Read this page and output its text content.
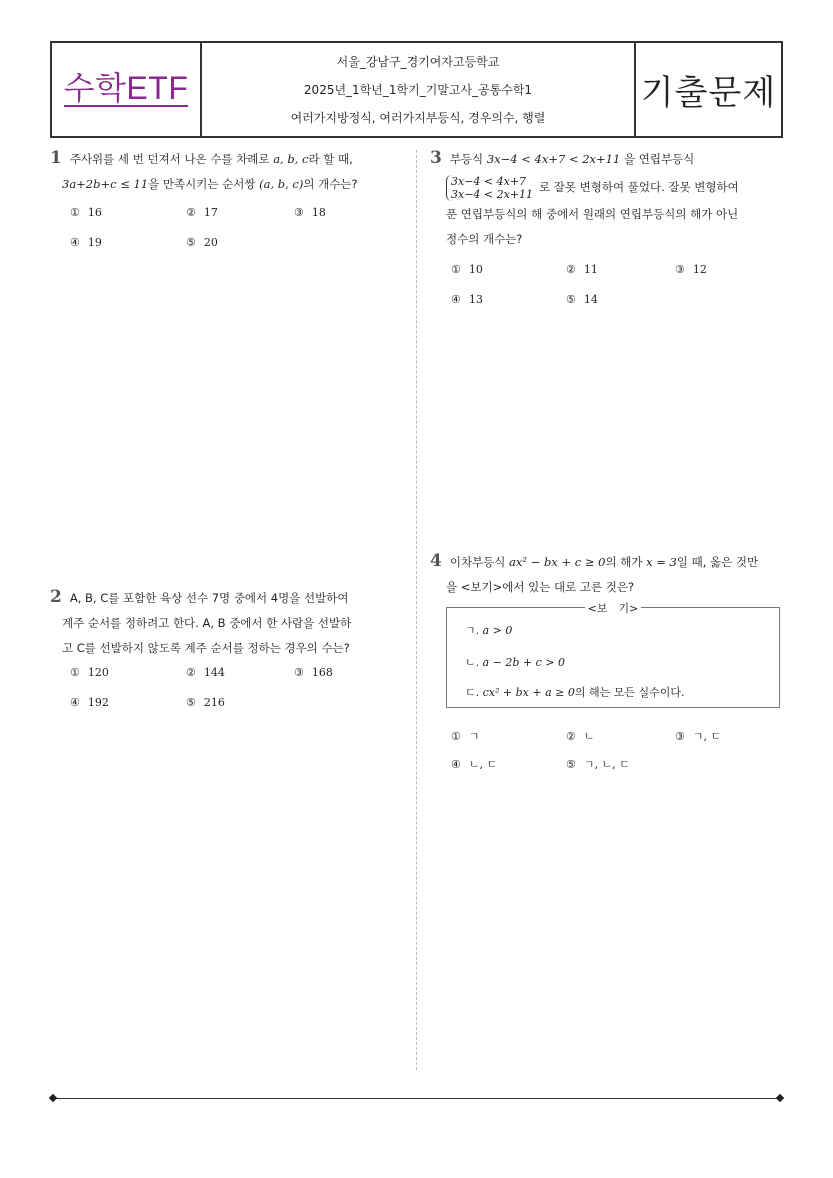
수학ETF
서울_강남구_경기여자고등학교
2025년_1학년_1학기_기말고사_공통수학1
여러가지방정식, 여러가지부등식, 경우의수, 행렬
기출문제
1 주사위를 세 번 던져서 나온 수를 차례로 a, b, c라 할 때,
3a+2b+c ≤ 11을 만족시키는 순서쌍 (a, b, c)의 개수는?
① 16	② 17	③ 18
④ 19	⑤ 20
2 A, B, C를 포함한 육상 선수 7명 중에서 4명을 선발하여
계주 순서를 정하려고 한다. A, B 중에서 한 사람을 선발하
고 C를 선발하지 않도록 계주 순서를 정하는 경우의 수는?
① 120	② 144	③ 168
④ 192	⑤ 216
3 부등식 3x−4 < 4x+7 < 2x+11 을 연립부등식
3x−4 < 4x+7
3x−4 < 2x+11 로 잘못 변형하여 풀었다. 잘못 변형하여
푼 연립부등식의 해 중에서 원래의 연립부등식의 해가 아닌
정수의 개수는?
① 10	② 11	③ 12
④ 13	⑤ 14
4 이차부등식 ax² − bx + c ≥ 0의 해가 x = 3일 때, 옳은 것만
을 <보기>에서 있는 대로 고른 것은?
<보　기>
ㄱ. a > 0
ㄴ. a − 2b + c > 0
ㄷ. cx² + bx + a ≥ 0의 해는 모든 실수이다.
① ㄱ	② ㄴ	③ ㄱ, ㄷ
④ ㄴ, ㄷ	⑤ ㄱ, ㄴ, ㄷ
